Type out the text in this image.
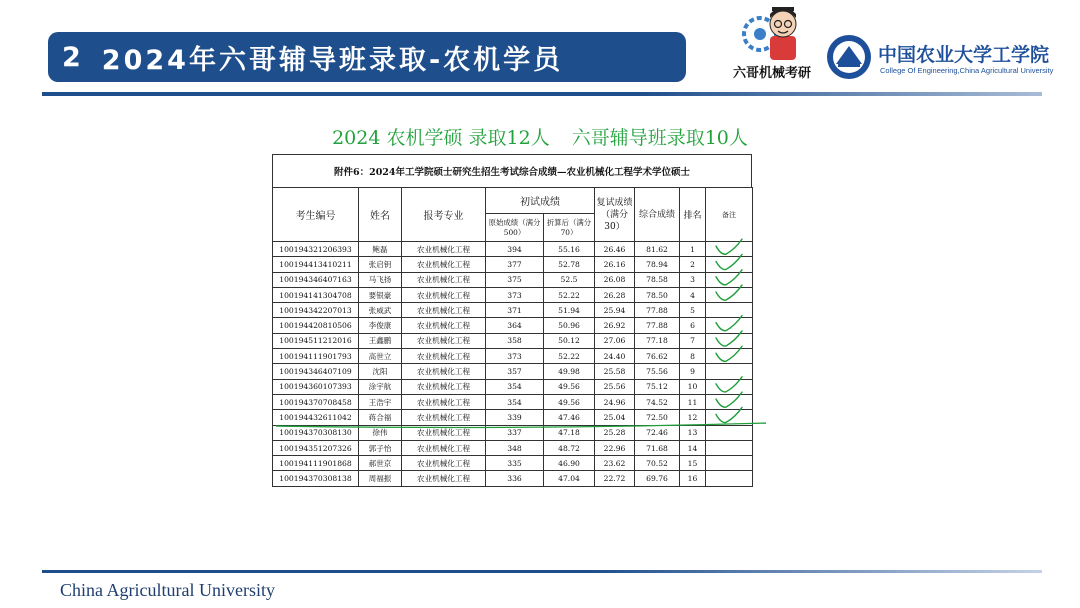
2 2024年六哥辅导班录取-农机学员	六哥机械考研
中国农业大学工学院
College Of Engineering,China Agricultural University
2024 农机学硕 录取12人 六哥辅导班录取10人
附件6：2024年工学院硕士研究生招生考试综合成绩—农业机械化工程学术学位硕士
考生编号	姓名	报考专业	初试成绩		复试成绩（满分30）	综合成绩	排名	备注
			原始成绩（满分500）	折算后（满分70）				
100194321206393	鲍磊	农业机械化工程	394	55.16	26.46	81.62	1	
100194413410211	张启钥	农业机械化工程	377	52.78	26.16	78.94	2	
100194346407163	马飞扬	农业机械化工程	375	52.5	26.08	78.58	3	
100194141304708	要银豪	农业机械化工程	373	52.22	26.28	78.50	4	
100194342207013	张威武	农业机械化工程	371	51.94	25.94	77.88	5	
100194420810506	李俊康	农业机械化工程	364	50.96	26.92	77.88	6	
100194511212016	王鑫鹏	农业机械化工程	358	50.12	27.06	77.18	7	
100194111901793	高世立	农业机械化工程	373	52.22	24.40	76.62	8	
100194346407109	沈阳	农业机械化工程	357	49.98	25.58	75.56	9	
100194360107393	涂宇航	农业机械化工程	354	49.56	25.56	75.12	10	
100194370708458	王浩宇	农业机械化工程	354	49.56	24.96	74.52	11	
100194432611042	蒋合福	农业机械化工程	339	47.46	25.04	72.50	12	
100194370308130	徐伟	农业机械化工程	337	47.18	25.28	72.46	13	
100194351207326	郭子怡	农业机械化工程	348	48.72	22.96	71.68	14	
100194111901868	郝世京	农业机械化工程	335	46.90	23.62	70.52	15	
100194370308138	周福振	农业机械化工程	336	47.04	22.72	69.76	16	
China Agricultural University
